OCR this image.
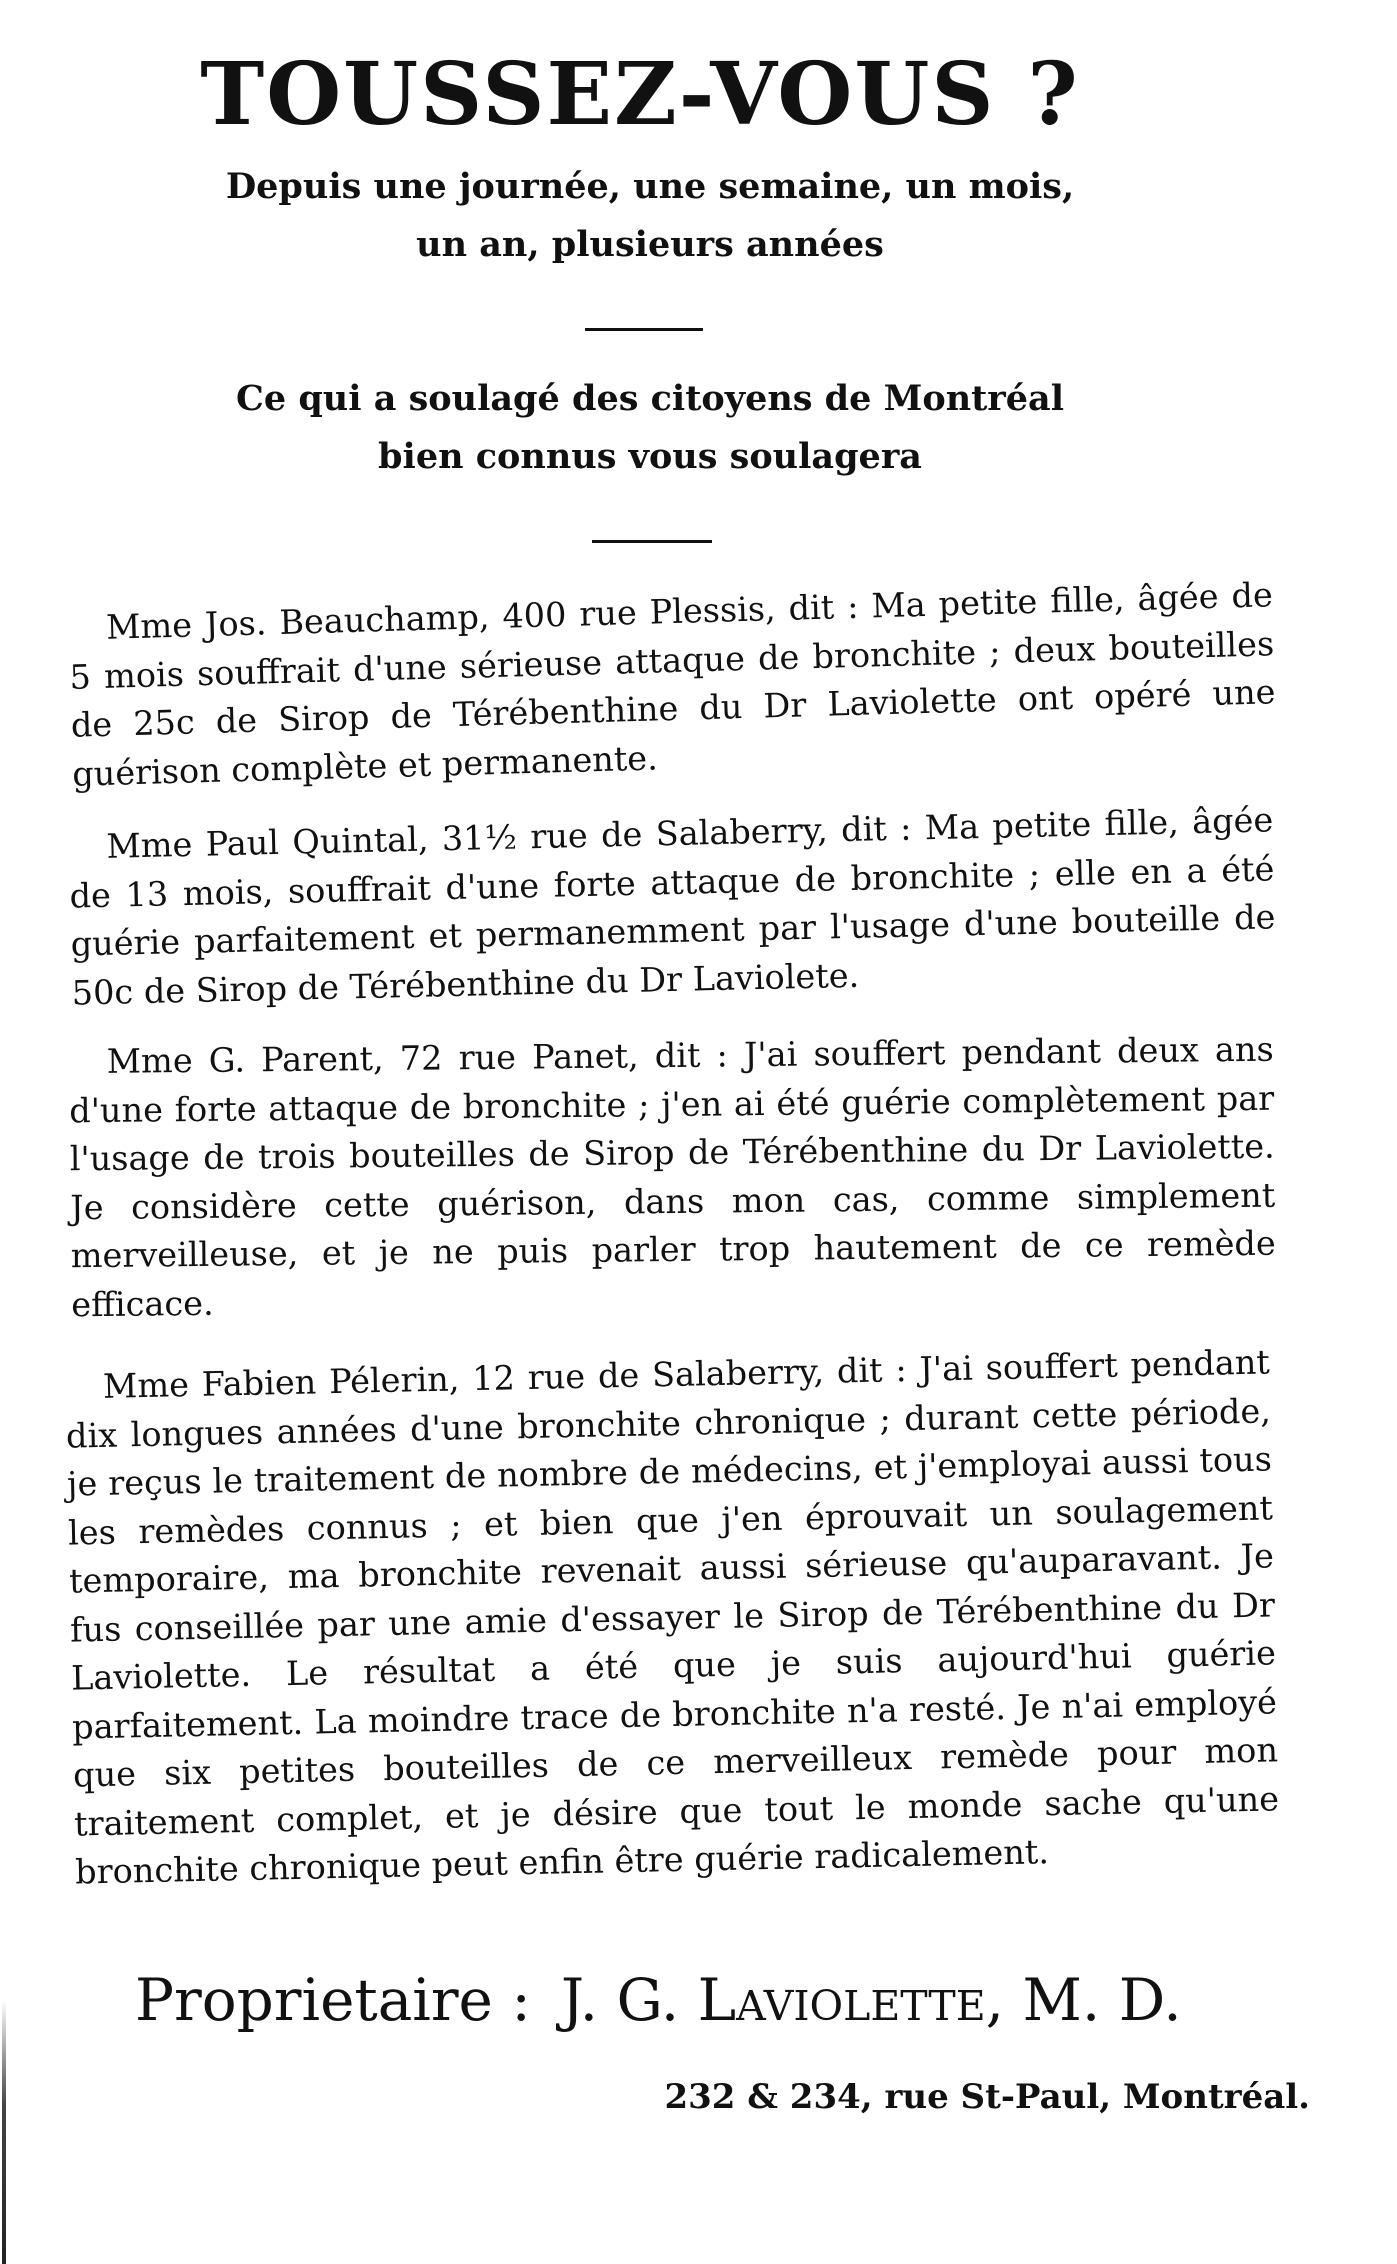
TOUSSEZ-VOUS ?
Depuis une journée, une semaine, un mois,
un an, plusieurs années
Ce qui a soulagé des citoyens de Montréal
bien connus vous soulagera

Mme Jos. Beauchamp, 400 rue Plessis, dit : Ma petite fille, âgée de 5 mois souffrait d'une sérieuse attaque de bronchite ; deux bouteilles de 25c de Sirop de Térébenthine du Dr Laviolette ont opéré une guérison complète et permanente.

Mme Paul Quintal, 31½ rue de Salaberry, dit : Ma petite fille, âgée de 13 mois, souffrait d'une forte attaque de bronchite ; elle en a été guérie parfaitement et permanemment par l'usage d'une bouteille de 50c de Sirop de Térébenthine du Dr Laviolete.

Mme G. Parent, 72 rue Panet, dit : J'ai souffert pendant deux ans d'une forte attaque de bronchite ; j'en ai été guérie complètement par l'usage de trois bouteilles de Sirop de Térébenthine du Dr Laviolette. Je considère cette guérison, dans mon cas, comme simplement merveilleuse, et je ne puis parler trop hautement de ce remède efficace.

Mme Fabien Pélerin, 12 rue de Salaberry, dit : J'ai souffert pendant dix longues années d'une bronchite chronique ; durant cette période, je reçus le traitement de nombre de médecins, et j'employai aussi tous les remèdes connus ; et bien que j'en éprouvait un soulagement temporaire, ma bronchite revenait aussi sérieuse qu'auparavant. Je fus conseillée par une amie d'essayer le Sirop de Térébenthine du Dr Laviolette. Le résultat a été que je suis aujourd'hui guérie parfaitement. La moindre trace de bronchite n'a resté. Je n'ai employé que six petites bouteilles de ce merveilleux remède pour mon traitement complet, et je désire que tout le monde sache qu'une bronchite chronique peut enfin être guérie radicalement.

Proprietaire : J. G. Laviolette, M. D.
232 & 234, rue St-Paul, Montréal.
